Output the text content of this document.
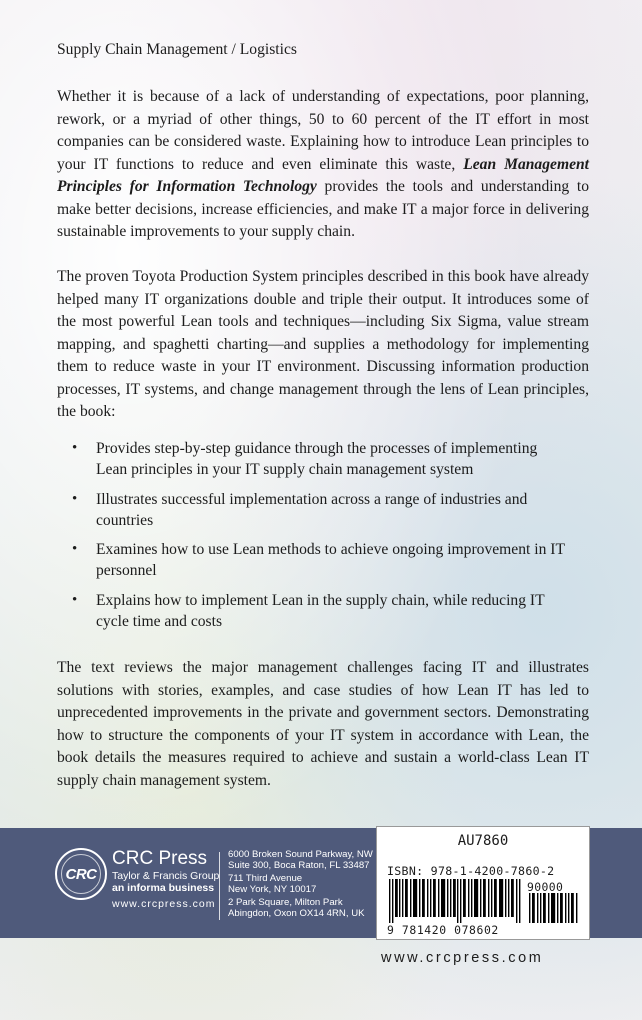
Supply Chain Management / Logistics

Whether it is because of a lack of understanding of expectations, poor planning, rework, or a myriad of other things, 50 to 60 percent of the IT effort in most companies can be considered waste. Explaining how to introduce Lean principles to your IT functions to reduce and even eliminate this waste, Lean Management Principles for Information Technology provides the tools and understanding to make better decisions, increase efficiencies, and make IT a major force in delivering sustainable improvements to your supply chain.

The proven Toyota Production System principles described in this book have already helped many IT organizations double and triple their output. It introduces some of the most powerful Lean tools and techniques—including Six Sigma, value stream mapping, and spaghetti charting—and supplies a methodology for implementing them to reduce waste in your IT environment. Discussing information production processes, IT systems, and change management through the lens of Lean principles, the book:

• Provides step-by-step guidance through the processes of implementing Lean principles in your IT supply chain management system
• Illustrates successful implementation across a range of industries and countries
• Examines how to use Lean methods to achieve ongoing improvement in IT personnel
• Explains how to implement Lean in the supply chain, while reducing IT cycle time and costs

The text reviews the major management challenges facing IT and illustrates solutions with stories, examples, and case studies of how Lean IT has led to unprecedented improvements in the private and government sectors. Demonstrating how to structure the components of your IT system in accordance with Lean, the book details the measures required to achieve and sustain a world-class Lean IT supply chain management system.

CRC
CRC Press
Taylor & Francis Group
an informa business
www.crcpress.com
6000 Broken Sound Parkway, NW
Suite 300, Boca Raton, FL 33487
711 Third Avenue
New York, NY 10017
2 Park Square, Milton Park
Abingdon, Oxon OX14 4RN, UK
AU7860
ISBN: 978-1-4200-7860-2
90000
9 781420 078602
www.crcpress.com
